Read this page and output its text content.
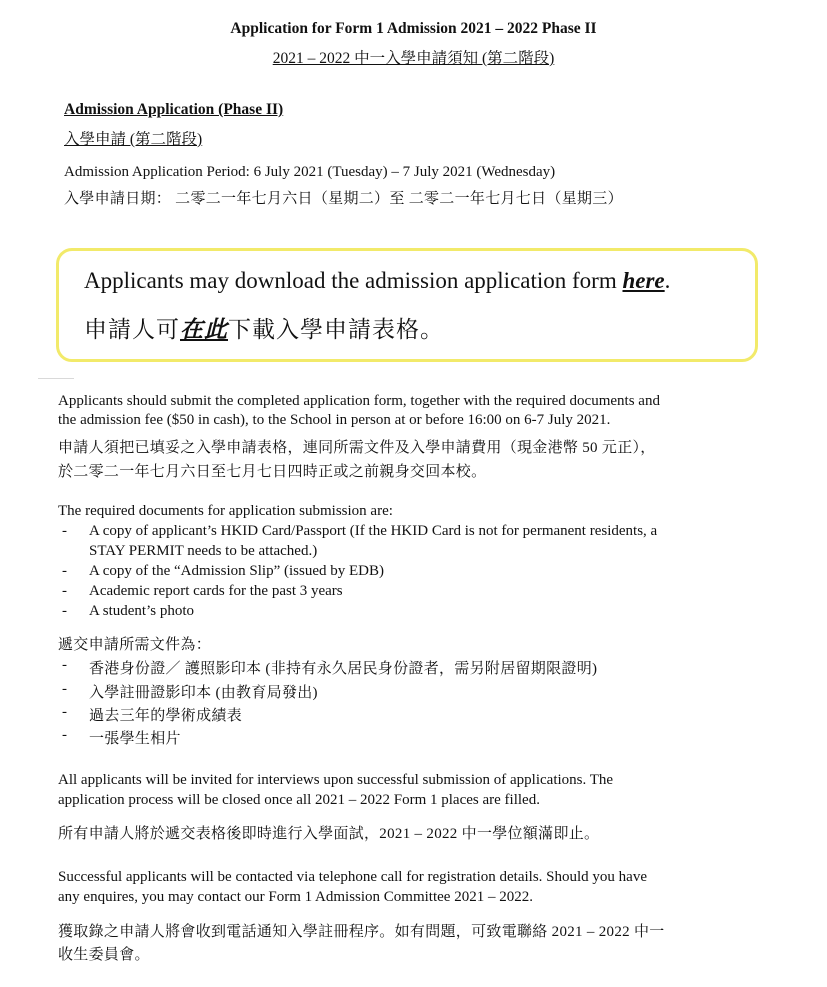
Application for Form 1 Admission 2021 – 2022 Phase II
2021 – 2022 中一入學申請須知 (第二階段)
Admission Application (Phase II)
入學申請 (第二階段)
Admission Application Period: 6 July 2021 (Tuesday) – 7 July 2021 (Wednesday)
入學申請日期： 二零二一年七月六日（星期二）至 二零二一年七月七日（星期三）
Applicants may download the admission application form here.
申請人可在此下載入學申請表格。
Applicants should submit the completed application form, together with the required documents and
the admission fee ($50 in cash), to the School in person at or before 16:00 on 6-7 July 2021.
申請人須把已填妥之入學申請表格，連同所需文件及入學申請費用（現金港幣 50 元正），
於二零二一年七月六日至七月七日四時正或之前親身交回本校。
The required documents for application submission are:
- A copy of applicant’s HKID Card/Passport (If the HKID Card is not for permanent residents, a
STAY PERMIT needs to be attached.)
- A copy of the “Admission Slip” (issued by EDB)
- Academic report cards for the past 3 years
- A student’s photo
遞交申請所需文件為：
- 香港身份證／ 護照影印本 (非持有永久居民身份證者，需另附居留期限證明)
- 入學註冊證影印本 (由教育局發出)
- 過去三年的學術成績表
- 一張學生相片
All applicants will be invited for interviews upon successful submission of applications. The
application process will be closed once all 2021 – 2022 Form 1 places are filled.
所有申請人將於遞交表格後即時進行入學面試，2021 – 2022 中一學位額滿即止。
Successful applicants will be contacted via telephone call for registration details. Should you have
any enquires, you may contact our Form 1 Admission Committee 2021 – 2022.
獲取錄之申請人將會收到電話通知入學註冊程序。如有問題，可致電聯絡 2021 – 2022 中一
收生委員會。
